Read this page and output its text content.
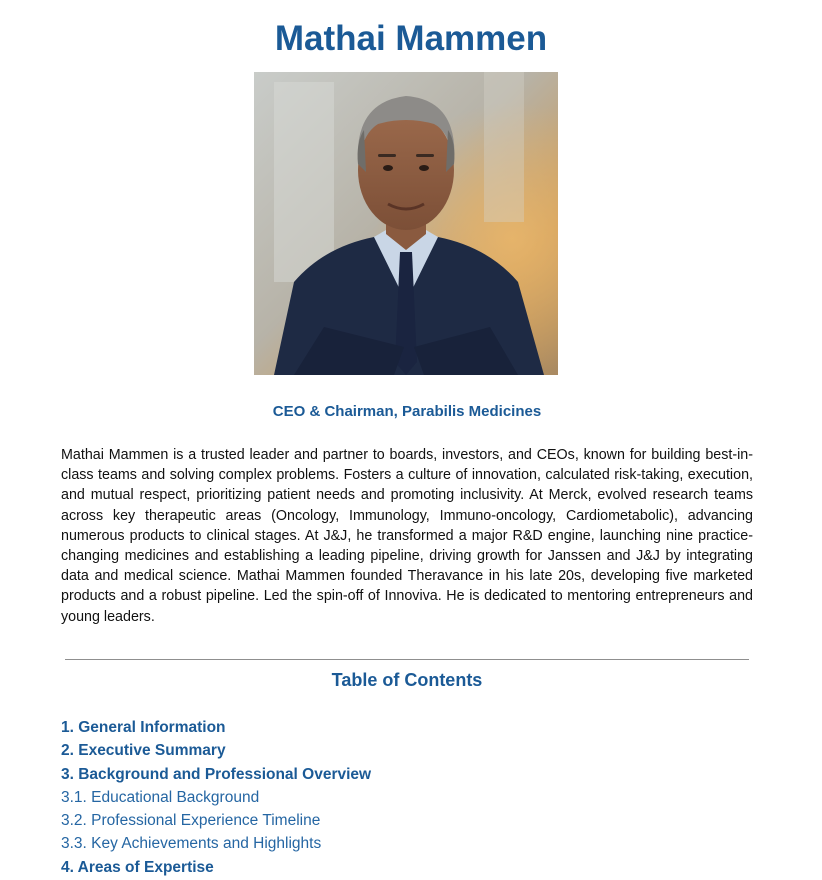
Mathai Mammen
CEO & Chairman, Parabilis Medicines

Mathai Mammen is a trusted leader and partner to boards, investors, and CEOs, known for building best-in-class teams and solving complex problems. Fosters a culture of innovation, calculated risk-taking, execution, and mutual respect, prioritizing patient needs and promoting inclusivity. At Merck, evolved research teams across key therapeutic areas (Oncology, Immunology, Immuno-oncology, Cardiometabolic), advancing numerous products to clinical stages. At J&J, he transformed a major R&D engine, launching nine practice-changing medicines and establishing a leading pipeline, driving growth for Janssen and J&J by integrating data and medical science. Mathai Mammen founded Theravance in his late 20s, developing five marketed products and a robust pipeline. Led the spin-off of Innoviva. He is dedicated to mentoring entrepreneurs and young leaders.

Table of Contents
1. General Information
2. Executive Summary
3. Background and Professional Overview
3.1. Educational Background
3.2. Professional Experience Timeline
3.3. Key Achievements and Highlights
4. Areas of Expertise
